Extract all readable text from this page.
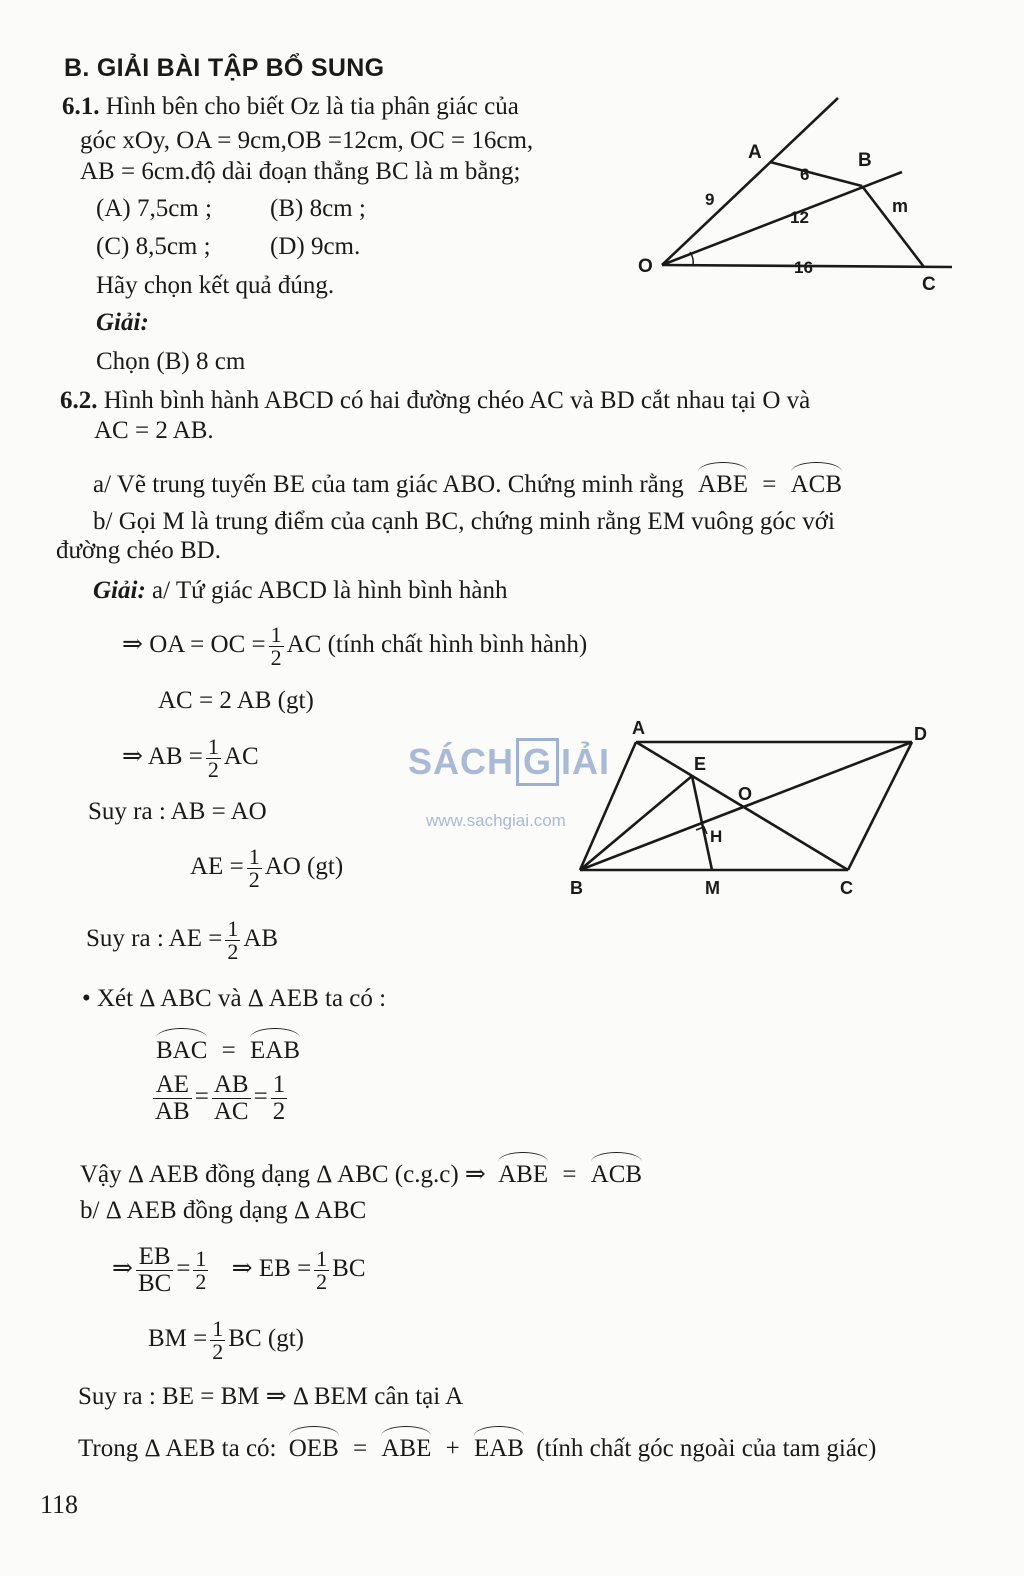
B. GIẢI BÀI TẬP BỔ SUNG
6.1. Hình bên cho biết Oz là tia phân giác của
góc xOy, OA = 9cm,OB =12cm, OC = 16cm,
AB = 6cm.độ dài đoạn thẳng BC là m bằng;
(A) 7,5cm ; (B) 8cm ;
(C) 8,5cm ; (D) 9cm.
Hãy chọn kết quả đúng.
Giải:
Chọn (B) 8 cm
A	B
O
C
9
6
12
16
m
6.2. Hình bình hành ABCD có hai đường chéo AC và BD cắt nhau tại O và
AC = 2 AB.
a/ Vẽ trung tuyến BE của tam giác ABO. Chứng minh rằng ABE = ACB
b/ Gọi M là trung điểm của cạnh BC, chứng minh rằng EM vuông góc với
đường chéo BD.
Giải: a/ Tứ giác ABCD là hình bình hành
⇒ OA = OC = $\frac{1}{2}$ AC (tính chất hình bình hành)
AC = 2 AB (gt)
⇒ AB = $\frac{1}{2}$ AC
Suy ra : AB = AO
AE = $\frac{1}{2}$ AO (gt)
Suy ra : AE = $\frac{1}{2}$ AB
• Xét Δ ABC và Δ AEB ta có :
BAC = EAB
$\frac{AE}{AB} = \frac{AB}{AC} = \frac{1}{2}$
Vậy Δ AEB đồng dạng Δ ABC (c.g.c) ⇒ ABE = ACB
b/ Δ AEB đồng dạng Δ ABC
⇒ $\frac{EB}{BC} = \frac{1}{2}$ ⇒ EB = $\frac{1}{2}$ BC
BM = $\frac{1}{2}$ BC (gt)
Suy ra : BE = BM ⇒ Δ BEM cân tại A
Trong Δ AEB ta có: OEB = ABE + EAB (tính chất góc ngoài của tam giác)
A	D
B	C
E
O
H
M
SÁCH G IẢI
www.sachgiai.com
118
